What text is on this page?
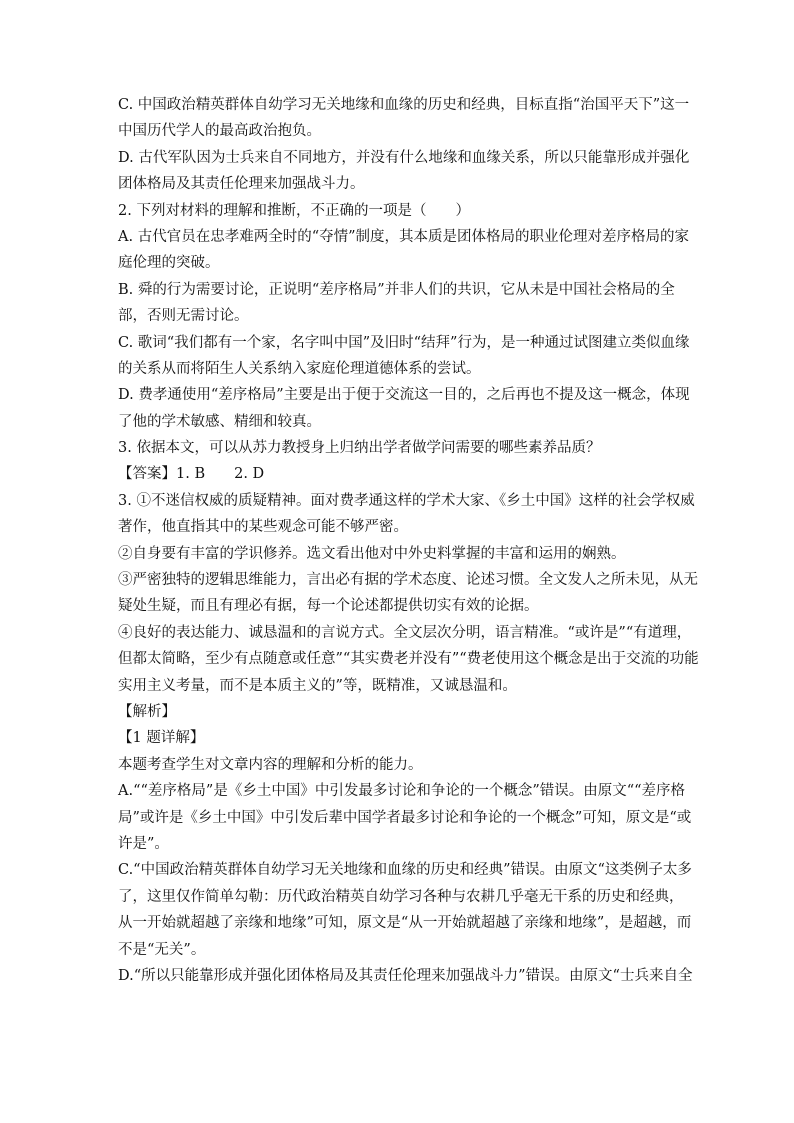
C. 中国政治精英群体自幼学习无关地缘和血缘的历史和经典，目标直指“治国平天下”这一
中国历代学人的最高政治抱负。
D. 古代军队因为士兵来自不同地方，并没有什么地缘和血缘关系，所以只能靠形成并强化
团体格局及其责任伦理来加强战斗力。
2. 下列对材料的理解和推断，不正确的一项是（　　）
A. 古代官员在忠孝难两全时的“夺情”制度，其本质是团体格局的职业伦理对差序格局的家
庭伦理的突破。
B. 舜的行为需要讨论，正说明“差序格局”并非人们的共识，它从未是中国社会格局的全
部，否则无需讨论。
C. 歌词“我们都有一个家，名字叫中国”及旧时“结拜”行为，是一种通过试图建立类似血缘
的关系从而将陌生人关系纳入家庭伦理道德体系的尝试。
D. 费孝通使用“差序格局”主要是出于便于交流这一目的，之后再也不提及这一概念，体现
了他的学术敏感、精细和较真。
3. 依据本文，可以从苏力教授身上归纳出学者做学问需要的哪些素养品质？
【答案】1. B　　2. D
3. ①不迷信权威的质疑精神。面对费孝通这样的学术大家、《乡土中国》这样的社会学权威
著作，他直指其中的某些观念可能不够严密。
②自身要有丰富的学识修养。选文看出他对中外史料掌握的丰富和运用的娴熟。
③严密独特的逻辑思维能力，言出必有据的学术态度、论述习惯。全文发人之所未见，从无
疑处生疑，而且有理必有据，每一个论述都提供切实有效的论据。
④良好的表达能力、诚恳温和的言说方式。全文层次分明，语言精准。“或许是”“有道理，
但都太简略，至少有点随意或任意”“其实费老并没有”“费老使用这个概念是出于交流的功能
实用主义考量，而不是本质主义的”等，既精准，又诚恳温和。
【解析】
【1 题详解】
本题考查学生对文章内容的理解和分析的能力。
A.““差序格局”是《乡土中国》中引发最多讨论和争论的一个概念”错误。由原文““差序格
局”或许是《乡土中国》中引发后辈中国学者最多讨论和争论的一个概念”可知，原文是“或
许是”。
C.“中国政治精英群体自幼学习无关地缘和血缘的历史和经典”错误。由原文“这类例子太多
了，这里仅作简单勾勒：历代政治精英自幼学习各种与农耕几乎毫无干系的历史和经典，
从一开始就超越了亲缘和地缘”可知，原文是“从一开始就超越了亲缘和地缘”，是超越，而
不是“无关”。
D.“所以只能靠形成并强化团体格局及其责任伦理来加强战斗力”错误。由原文“士兵来自全
